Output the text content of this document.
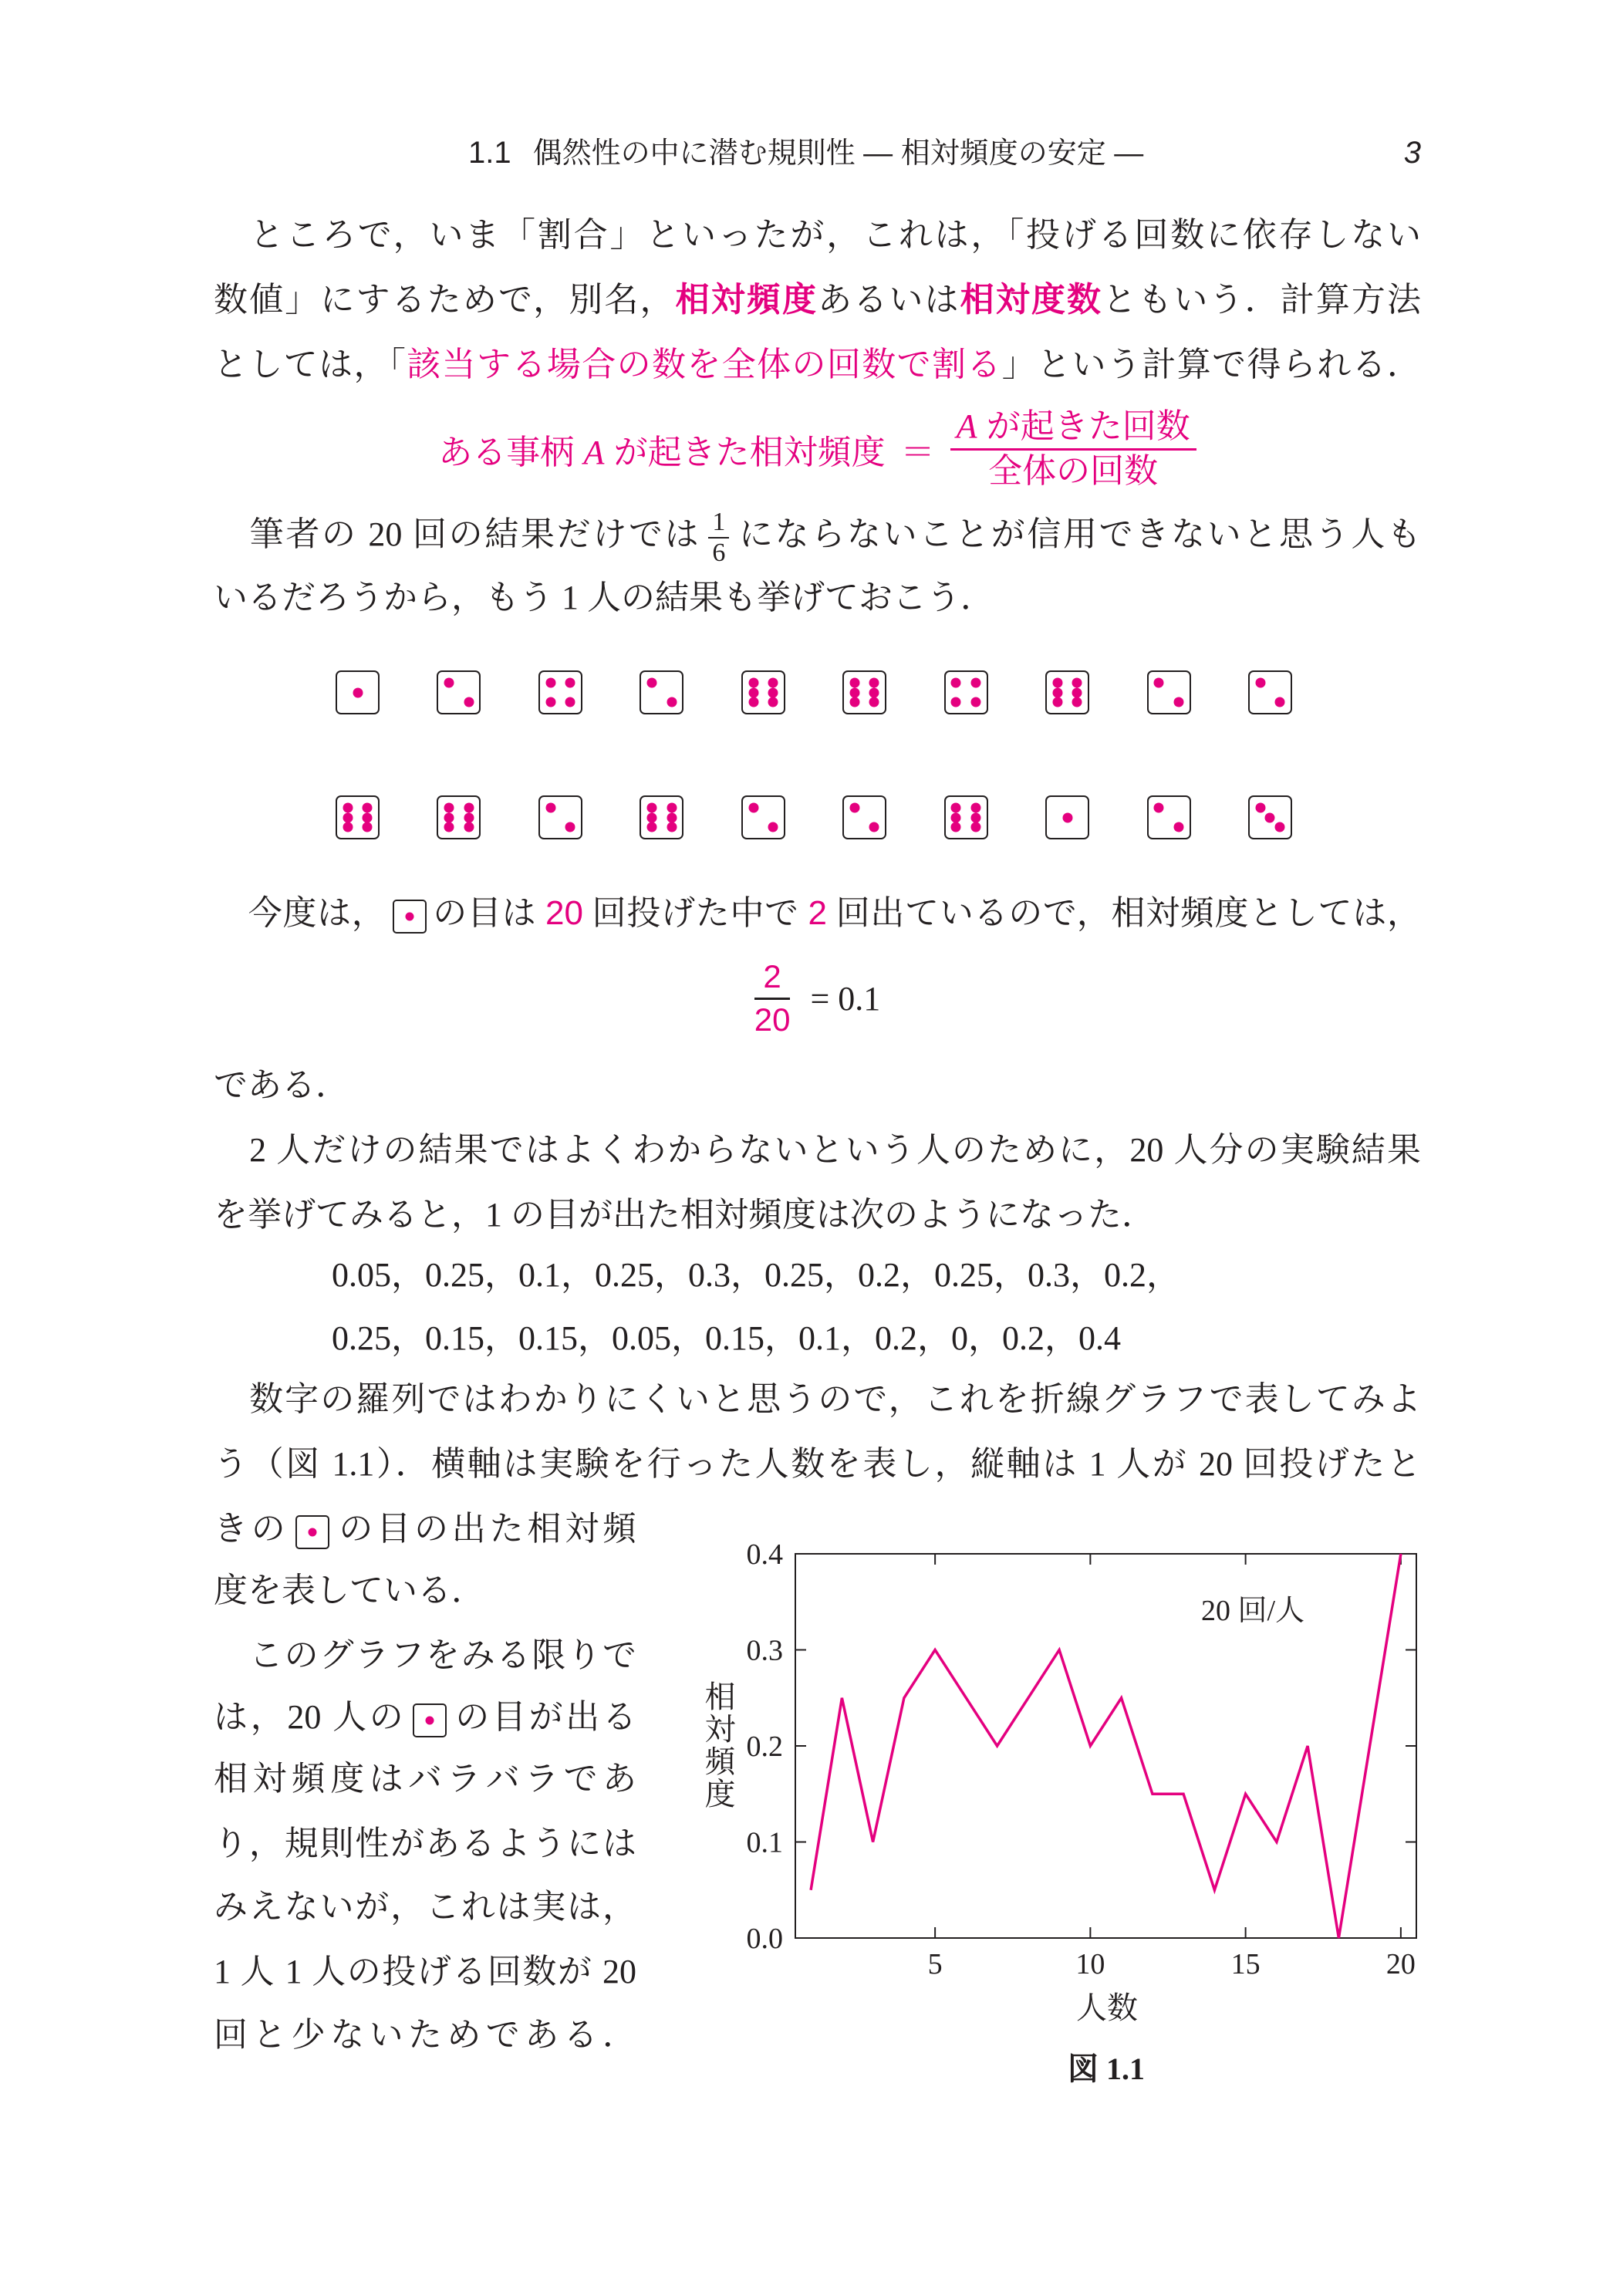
1.1 偶然性の中に潜む規則性 — 相対頻度の安定 —	3
　ところで，いま「割合」といったが，これは，「投げる回数に依存しない
数値」にするためで，別名，相対頻度あるいは相対度数ともいう．計算方法
としては，「該当する場合の数を全体の回数で割る」という計算で得られる．
ある事柄 A が起きた相対頻度 ＝ $\frac{\text{A が起きた回数}}{\text{全体の回数}}$
　筆者の 20 回の結果だけでは $\frac{1}{6}$ にならないことが信用できないと思う人も
いるだろうから，もう 1 人の結果も挙げておこう．
　今度は， の目は 20 回投げた中で 2 回出ているので，相対頻度としては，
$\frac{2}{20} = 0.1$
である．
　2 人だけの結果ではよくわからないという人のために，20 人分の実験結果
を挙げてみると，1 の目が出た相対頻度は次のようになった．
0.05，0.25，0.1，0.25，0.3，0.25，0.2，0.25，0.3，0.2，
0.25，0.15，0.15，0.05，0.15，0.1，0.2，0，0.2，0.4
　数字の羅列ではわかりにくいと思うので，これを折線グラフで表してみよ
う（図 1.1）．横軸は実験を行った人数を表し，縦軸は 1 人が 20 回投げたと
きの の目の出た相対頻
度を表している．
　このグラフをみる限りで
は，20 人の の目が出る
相対頻度はバラバラであ
り，規則性があるようには
みえないが，これは実は，
1 人 1 人の投げる回数が 20
回と少ないためである．
20 回/人
人数
5	10	15	20
0.0
0.1
0.2
0.3
0.4
相対頻度
図 1.1
